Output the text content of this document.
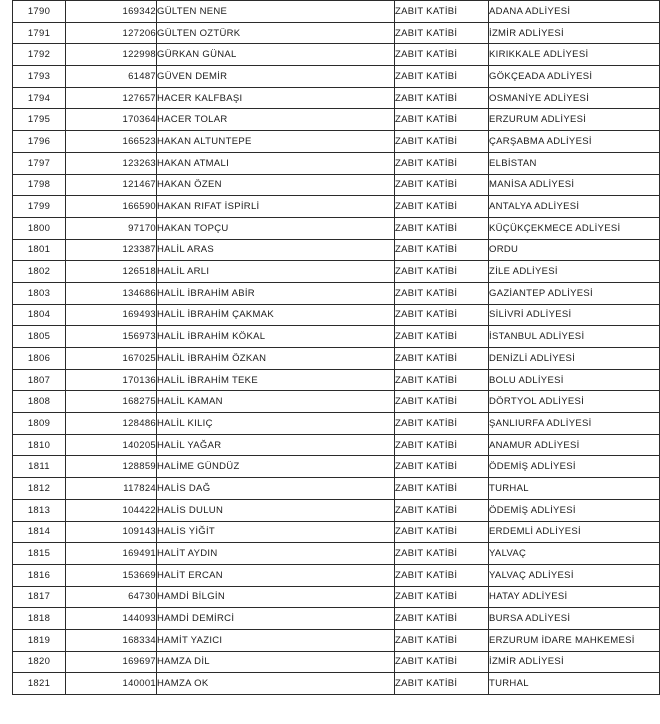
1790	169342	GÜLTEN NENE	ZABIT KATİBİ	ADANA ADLİYESİ
1791	127206	GÜLTEN OZTÜRK	ZABIT KATİBİ	İZMİR ADLİYESİ
1792	122998	GÜRKAN GÜNAL	ZABIT KATİBİ	KIRIKKALE ADLİYESİ
1793	61487	GÜVEN DEMİR	ZABIT KATİBİ	GÖKÇEADA ADLİYESİ
1794	127657	HACER KALFBAŞI	ZABIT KATİBİ	OSMANİYE ADLİYESİ
1795	170364	HACER TOLAR	ZABIT KATİBİ	ERZURUM ADLİYESİ
1796	166523	HAKAN ALTUNTEPE	ZABIT KATİBİ	ÇARŞABMA ADLİYESİ
1797	123263	HAKAN ATMALI	ZABIT KATİBİ	ELBİSTAN
1798	121467	HAKAN ÖZEN	ZABIT KATİBİ	MANİSA ADLİYESİ
1799	166590	HAKAN RIFAT İSPİRLİ	ZABIT KATİBİ	ANTALYA ADLİYESİ
1800	97170	HAKAN TOPÇU	ZABIT KATİBİ	KÜÇÜKÇEKMECE ADLİYESİ
1801	123387	HALİL ARAS	ZABIT KATİBİ	ORDU
1802	126518	HALİL ARLI	ZABIT KATİBİ	ZİLE ADLİYESİ
1803	134686	HALİL İBRAHİM ABİR	ZABIT KATİBİ	GAZİANTEP ADLİYESİ
1804	169493	HALİL İBRAHİM ÇAKMAK	ZABIT KATİBİ	SİLİVRİ ADLİYESİ
1805	156973	HALİL İBRAHİM KÖKAL	ZABIT KATİBİ	İSTANBUL ADLİYESİ
1806	167025	HALİL İBRAHİM ÖZKAN	ZABIT KATİBİ	DENİZLİ ADLİYESİ
1807	170136	HALİL İBRAHİM TEKE	ZABIT KATİBİ	BOLU ADLİYESİ
1808	168275	HALİL KAMAN	ZABIT KATİBİ	DÖRTYOL ADLİYESİ
1809	128486	HALİL KILIÇ	ZABIT KATİBİ	ŞANLIURFA ADLİYESİ
1810	140205	HALİL YAĞAR	ZABIT KATİBİ	ANAMUR ADLİYESİ
1811	128859	HALİME GÜNDÜZ	ZABIT KATİBİ	ÖDEMİŞ ADLİYESİ
1812	117824	HALİS DAĞ	ZABIT KATİBİ	TURHAL
1813	104422	HALİS DULUN	ZABIT KATİBİ	ÖDEMİŞ ADLİYESİ
1814	109143	HALİS YİĞİT	ZABIT KATİBİ	ERDEMLİ ADLİYESİ
1815	169491	HALİT AYDIN	ZABIT KATİBİ	YALVAÇ
1816	153669	HALİT ERCAN	ZABIT KATİBİ	YALVAÇ ADLİYESİ
1817	64730	HAMDİ BİLGİN	ZABIT KATİBİ	HATAY ADLİYESİ
1818	144093	HAMDİ DEMİRCİ	ZABIT KATİBİ	BURSA ADLİYESİ
1819	168334	HAMİT YAZICI	ZABIT KATİBİ	ERZURUM İDARE MAHKEMESİ
1820	169697	HAMZA DİL	ZABIT KATİBİ	İZMİR ADLİYESİ
1821	140001	HAMZA OK	ZABIT KATİBİ	TURHAL
